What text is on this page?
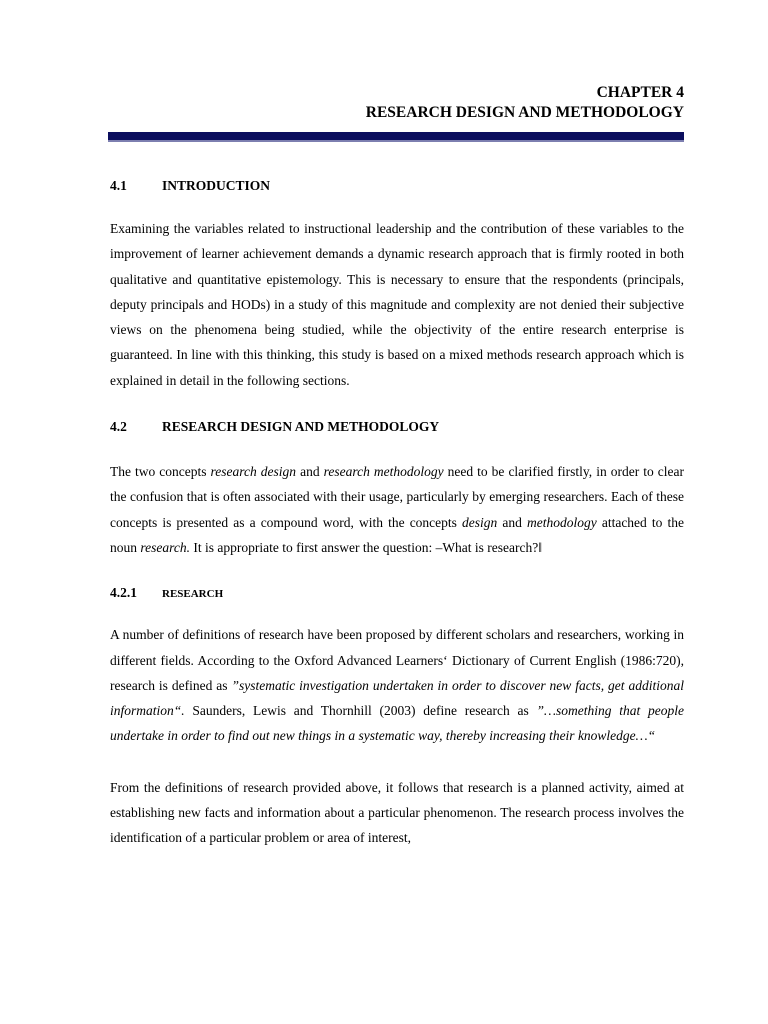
CHAPTER 4
RESEARCH DESIGN AND METHODOLOGY
4.1	INTRODUCTION

Examining the variables related to instructional leadership and the contribution of these variables to the improvement of learner achievement demands a dynamic research approach that is firmly rooted in both qualitative and quantitative epistemology. This is necessary to ensure that the respondents (principals, deputy principals and HODs) in a study of this magnitude and complexity are not denied their subjective views on the phenomena being studied, while the objectivity of the entire research enterprise is guaranteed. In line with this thinking, this study is based on a mixed methods research approach which is explained in detail in the following sections.

4.2	RESEARCH DESIGN AND METHODOLOGY

The two concepts research design and research methodology need to be clarified firstly, in order to clear the confusion that is often associated with their usage, particularly by emerging researchers. Each of these concepts is presented as a compound word, with the concepts design and methodology attached to the noun research. It is appropriate to first answer the question: –What is research?‖

4.2.1	RESEARCH

A number of definitions of research have been proposed by different scholars and researchers, working in different fields. According to the Oxford Advanced Learners‘ Dictionary of Current English (1986:720), research is defined as ”systematic investigation undertaken in order to discover new facts, get additional information“. Saunders, Lewis and Thornhill (2003) define research as ”…something that people undertake in order to find out new things in a systematic way, thereby increasing their knowledge…“

From the definitions of research provided above, it follows that research is a planned activity, aimed at establishing new facts and information about a particular phenomenon. The research process involves the identification of a particular problem or area of interest,
